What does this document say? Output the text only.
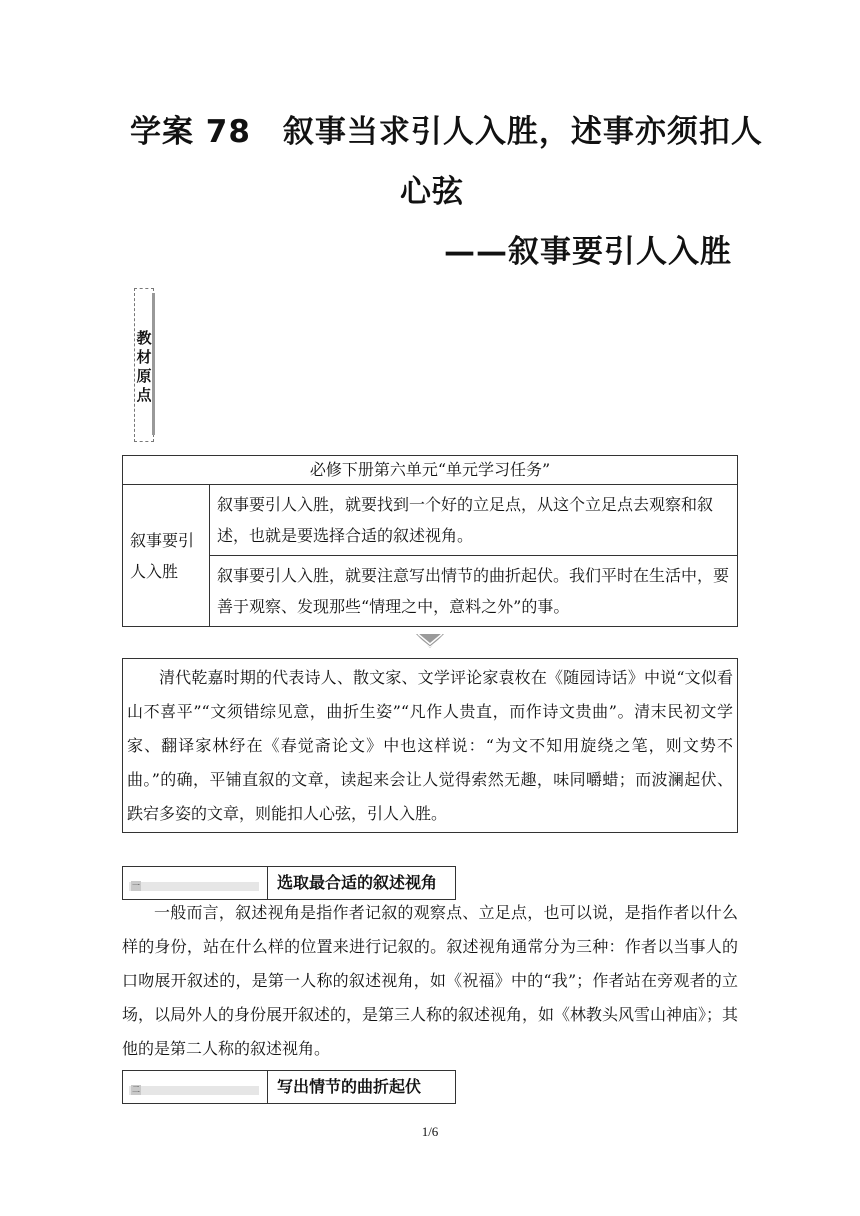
学案 78　叙事当求引人入胜，述事亦须扣人
心弦
——叙事要引人入胜
教材原点
必修下册第六单元“单元学习任务”
叙事要引人入胜	叙事要引人入胜，就要找到一个好的立足点，从这个立足点去观察和叙述，也就是要选择合适的叙述视角。
叙事要引人入胜，就要注意写出情节的曲折起伏。我们平时在生活中，要善于观察、发现那些“情理之中，意料之外”的事。
清代乾嘉时期的代表诗人、散文家、文学评论家袁枚在《随园诗话》中说“文似看山不喜平”“文须错综见意，曲折生姿”“凡作人贵直，而作诗文贵曲”。清末民初文学家、翻译家林纾在《春觉斋论文》中也这样说：“为文不知用旋绕之笔，则文势不曲。”的确，平铺直叙的文章，读起来会让人觉得索然无趣，味同嚼蜡；而波澜起伏、跌宕多姿的文章，则能扣人心弦，引人入胜。
一	选取最合适的叙述视角
一般而言，叙述视角是指作者记叙的观察点、立足点，也可以说，是指作者以什么样的身份，站在什么样的位置来进行记叙的。叙述视角通常分为三种：作者以当事人的口吻展开叙述的，是第一人称的叙述视角，如《祝福》中的“我”；作者站在旁观者的立场，以局外人的身份展开叙述的，是第三人称的叙述视角，如《林教头风雪山神庙》；其他的是第二人称的叙述视角。
二	写出情节的曲折起伏
1/6
